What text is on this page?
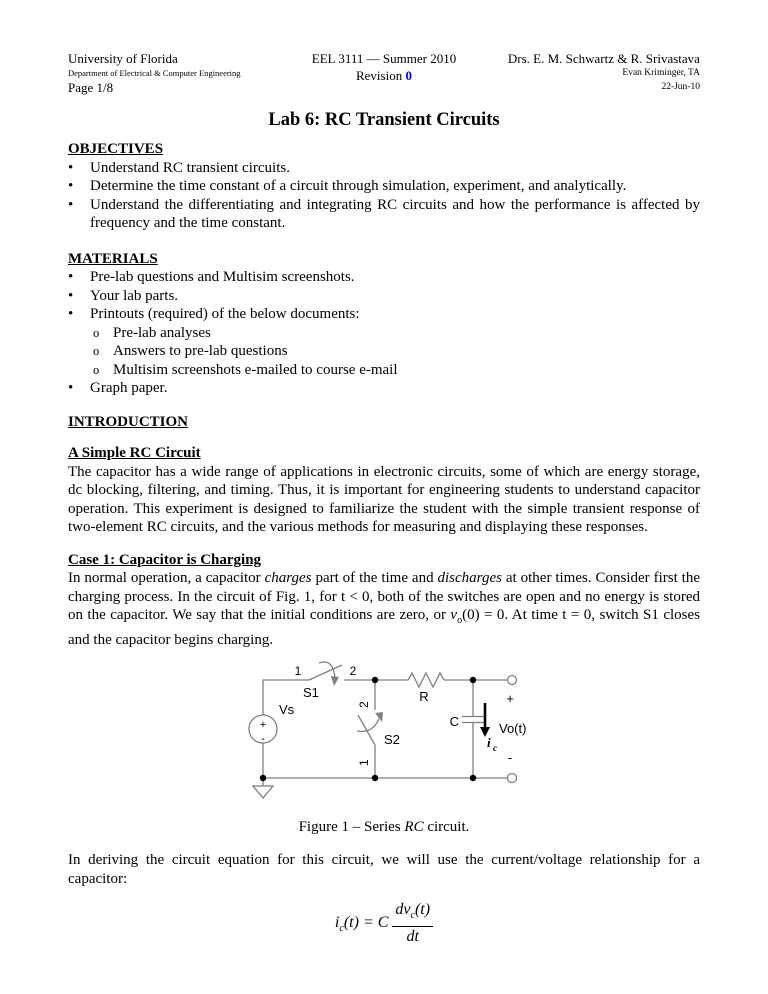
University of Florida
Department of Electrical & Computer Engineering
Page 1/8
EEL 3111 — Summer 2010
Revision 0
Drs. E. M. Schwartz & R. Srivastava
Evan Kriminger, TA
22-Jun-10
Lab 6: RC Transient Circuits
OBJECTIVES
•	Understand RC transient circuits.
•	Determine the time constant of a circuit through simulation, experiment, and analytically.
•	Understand the differentiating and integrating RC circuits and how the performance is affected by frequency and the time constant.
MATERIALS
•	Pre-lab questions and Multisim screenshots.
•	Your lab parts.
•	Printouts (required) of the below documents:
o Pre-lab analyses
o Answers to pre-lab questions
o Multisim screenshots e-mailed to course e-mail
•	Graph paper.
INTRODUCTION
A Simple RC Circuit
The capacitor has a wide range of applications in electronic circuits, some of which are energy storage, dc blocking, filtering, and timing. Thus, it is important for engineering students to understand capacitor operation. This experiment is designed to familiarize the student with the simple transient response of two-element RC circuits, and the various methods for measuring and displaying these responses.
Case 1: Capacitor is Charging
In normal operation, a capacitor charges part of the time and discharges at other times. Consider first the charging process. In the circuit of Fig. 1, for t < 0, both of the switches are open and no energy is stored on the capacitor. We say that the initial conditions are zero, or $v_o(0) = 0$. At time t = 0, switch S1 closes and the capacitor begins charging.
1	2
S1
Vs
+
-
2
1
S2
R
C
i c
+
Vo(t)
-
Figure 1 – Series RC circuit.
In deriving the circuit equation for this circuit, we will use the current/voltage relationship for a capacitor:
$i_c(t) = C \frac{dv_c(t)}{dt}$
